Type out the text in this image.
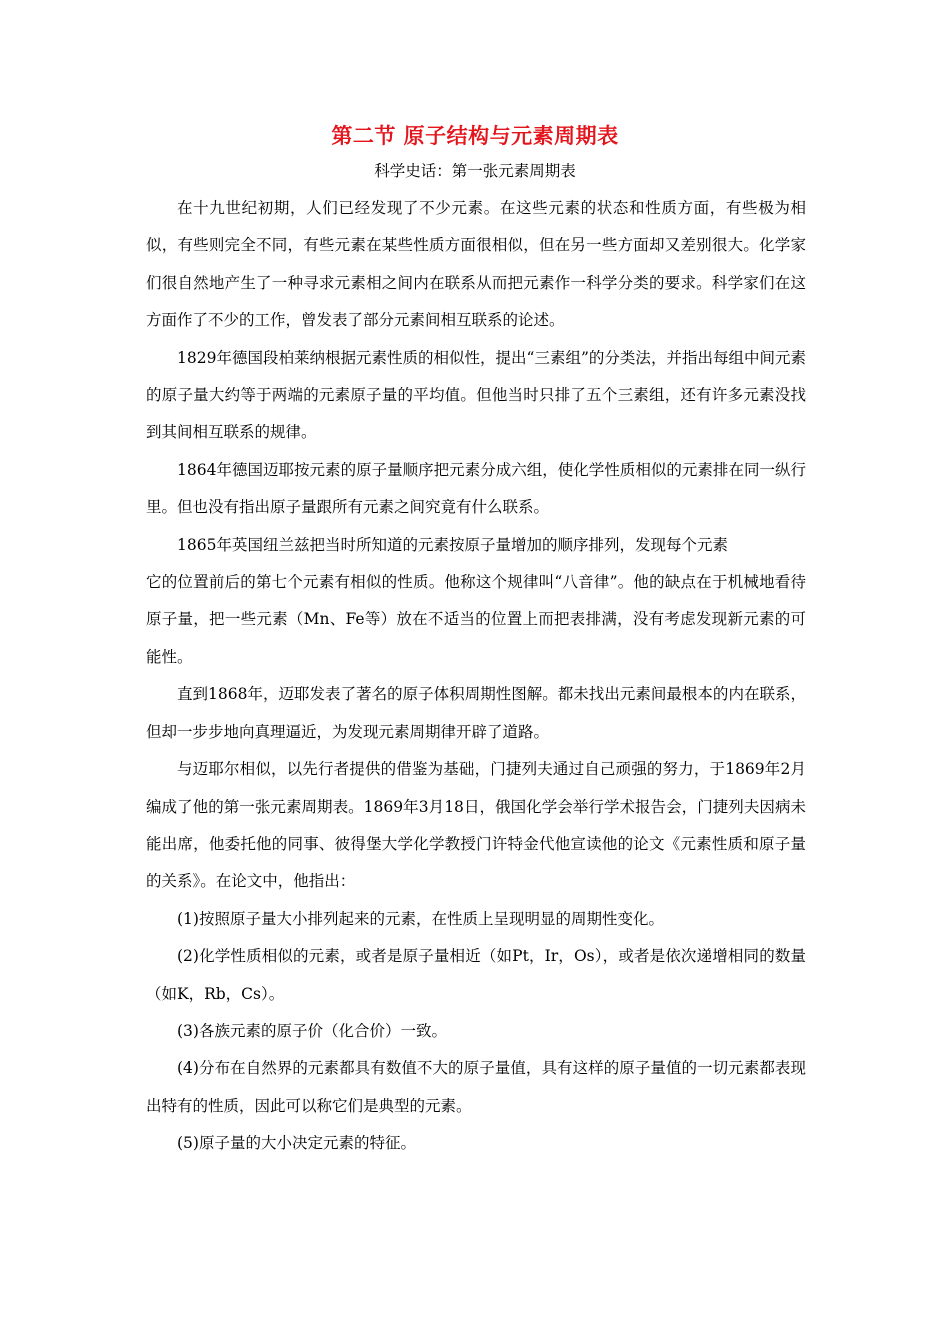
第二节 原子结构与元素周期表
科学史话：第一张元素周期表

在十九世纪初期，人们已经发现了不少元素。在这些元素的状态和性质方面，有些极为相似，有些则完全不同，有些元素在某些性质方面很相似，但在另一些方面却又差别很大。化学家们很自然地产生了一种寻求元素相之间内在联系从而把元素作一科学分类的要求。科学家们在这方面作了不少的工作，曾发表了部分元素间相互联系的论述。

1829年德国段柏莱纳根据元素性质的相似性，提出“三素组”的分类法，并指出每组中间元素的原子量大约等于两端的元素原子量的平均值。但他当时只排了五个三素组，还有许多元素没找到其间相互联系的规律。

1864年德国迈耶按元素的原子量顺序把元素分成六组，使化学性质相似的元素排在同一纵行里。但也没有指出原子量跟所有元素之间究竟有什么联系。

1865年英国纽兰兹把当时所知道的元素按原子量增加的顺序排列，发现每个元素

它的位置前后的第七个元素有相似的性质。他称这个规律叫“八音律”。他的缺点在于机械地看待原子量，把一些元素（Mn、Fe等）放在不适当的位置上而把表排满，没有考虑发现新元素的可能性。

直到1868年，迈耶发表了著名的原子体积周期性图解。都未找出元素间最根本的内在联系，但却一步步地向真理逼近，为发现元素周期律开辟了道路。

与迈耶尔相似，以先行者提供的借鉴为基础，门捷列夫通过自己顽强的努力，于1869年2月编成了他的第一张元素周期表。1869年3月18日，俄国化学会举行学术报告会，门捷列夫因病未能出席，他委托他的同事、彼得堡大学化学教授门许特金代他宣读他的论文《元素性质和原子量的关系》。在论文中，他指出：

(1)按照原子量大小排列起来的元素，在性质上呈现明显的周期性变化。

(2)化学性质相似的元素，或者是原子量相近（如Pt，Ir，Os），或者是依次递增相同的数量（如K，Rb，Cs）。

(3)各族元素的原子价（化合价）一致。

(4)分布在自然界的元素都具有数值不大的原子量值，具有这样的原子量值的一切元素都表现出特有的性质，因此可以称它们是典型的元素。

(5)原子量的大小决定元素的特征。
